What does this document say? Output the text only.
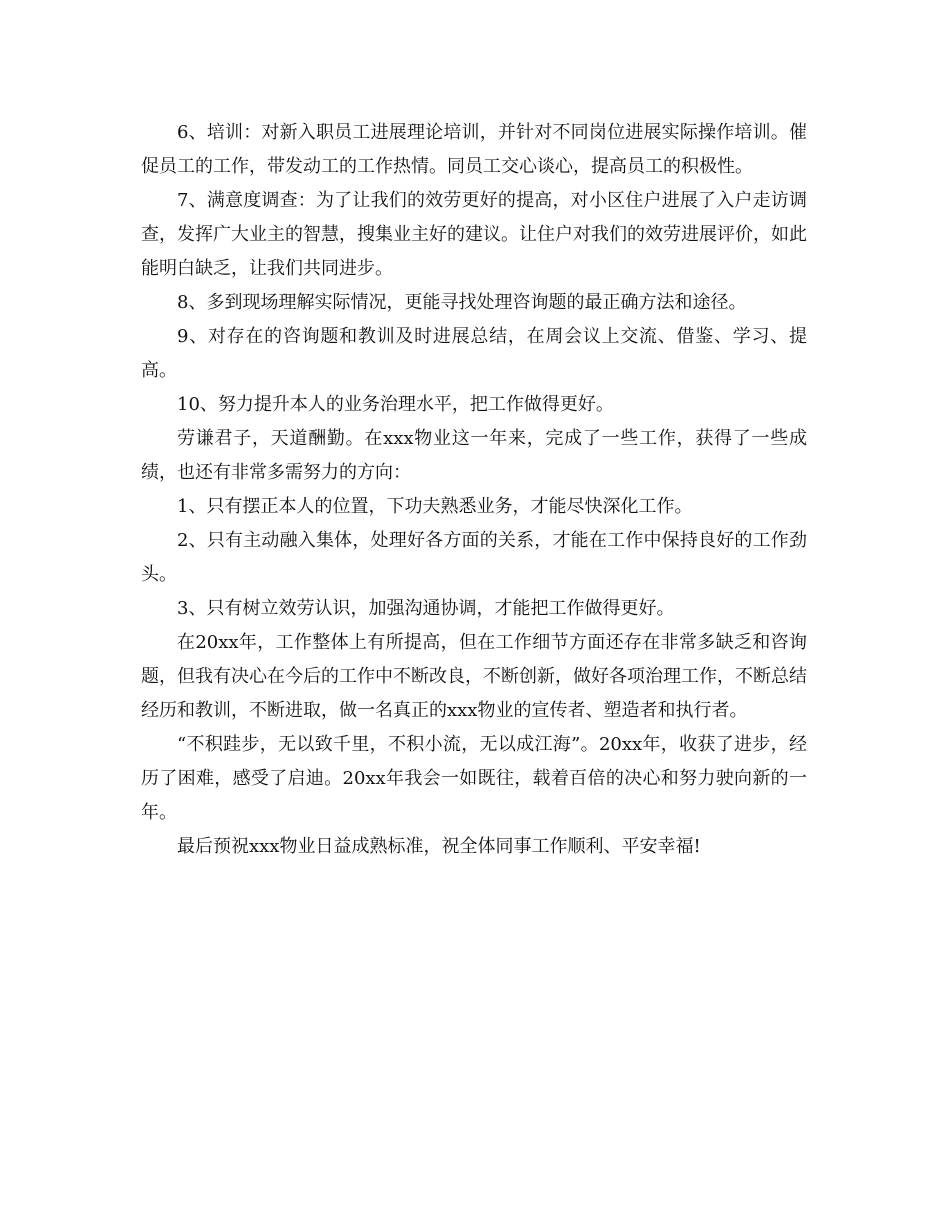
6、培训：对新入职员工进展理论培训，并针对不同岗位进展实际操作培训。催促员工的工作，带发动工的工作热情。同员工交心谈心，提高员工的积极性。

7、满意度调查：为了让我们的效劳更好的提高，对小区住户进展了入户走访调查，发挥广大业主的智慧，搜集业主好的建议。让住户对我们的效劳进展评价，如此能明白缺乏，让我们共同进步。

8、多到现场理解实际情况，更能寻找处理咨询题的最正确方法和途径。

9、对存在的咨询题和教训及时进展总结，在周会议上交流、借鉴、学习、提高。

10、努力提升本人的业务治理水平，把工作做得更好。

劳谦君子，天道酬勤。在xxx物业这一年来，完成了一些工作，获得了一些成绩，也还有非常多需努力的方向：

1、只有摆正本人的位置，下功夫熟悉业务，才能尽快深化工作。

2、只有主动融入集体，处理好各方面的关系，才能在工作中保持良好的工作劲头。

3、只有树立效劳认识，加强沟通协调，才能把工作做得更好。

在20xx年，工作整体上有所提高，但在工作细节方面还存在非常多缺乏和咨询题，但我有决心在今后的工作中不断改良，不断创新，做好各项治理工作，不断总结经历和教训，不断进取，做一名真正的xxx物业的宣传者、塑造者和执行者。

“不积跬步，无以致千里，不积小流，无以成江海”。20xx年，收获了进步，经历了困难，感受了启迪。20xx年我会一如既往，载着百倍的决心和努力驶向新的一年。

最后预祝xxx物业日益成熟标准，祝全体同事工作顺利、平安幸福!
